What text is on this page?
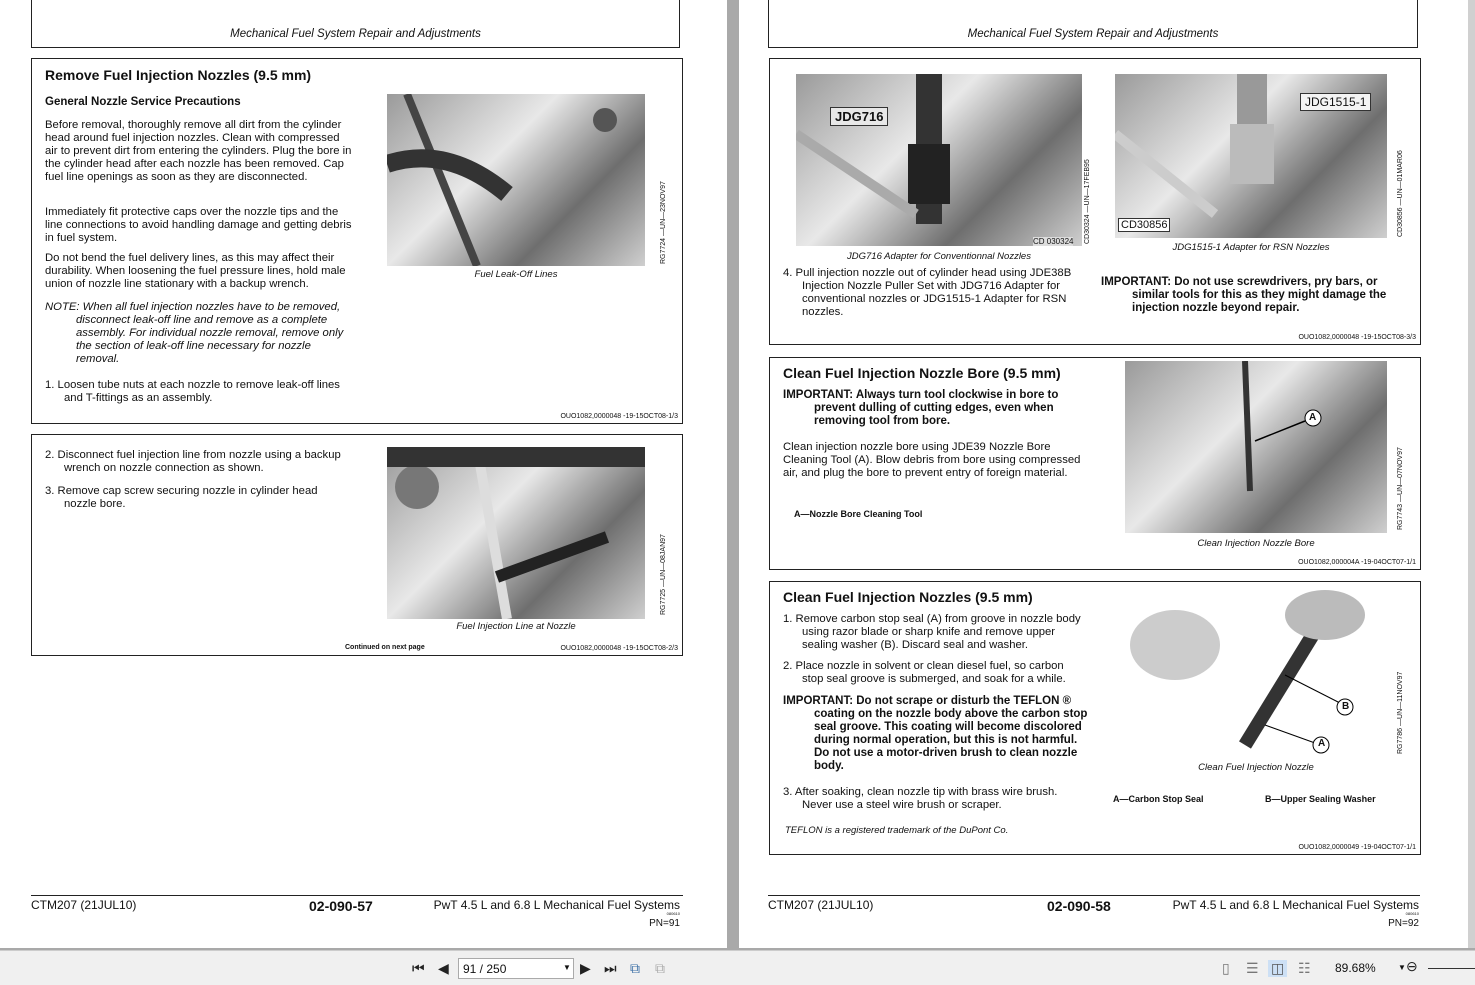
Mechanical Fuel System Repair and Adjustments
Remove Fuel Injection Nozzles (9.5 mm)
General Nozzle Service Precautions
Before removal, thoroughly remove all dirt from the cylinder head around fuel injection nozzles. Clean with compressed air to prevent dirt from entering the cylinders. Plug the bore in the cylinder head after each nozzle has been removed. Cap fuel line openings as soon as they are disconnected.
Immediately fit protective caps over the nozzle tips and the line connections to avoid handling damage and getting debris in fuel system.
Do not bend the fuel delivery lines, as this may affect their durability. When loosening the fuel pressure lines, hold male union of nozzle line stationary with a backup wrench.
NOTE: When all fuel injection nozzles have to be removed, disconnect leak-off line and remove as a complete assembly. For individual nozzle removal, remove only the section of leak-off line necessary for nozzle removal.
1. Loosen tube nuts at each nozzle to remove leak-off lines and T-fittings as an assembly.
Fuel Leak-Off Lines
RG7724 —UN—23NOV97
OUO1082,0000048 -19-15OCT08-1/3
2. Disconnect fuel injection line from nozzle using a backup wrench on nozzle connection as shown.
3. Remove cap screw securing nozzle in cylinder head nozzle bore.
Fuel Injection Line at Nozzle
RG7725 —UN—08JAN97
Continued on next page	OUO1082,0000048 -19-15OCT08-2/3
CTM207 (21JUL10)	02-090-57	PwT 4.5 L and 6.8 L Mechanical Fuel Systems
080610
PN=91
Mechanical Fuel System Repair and Adjustments
JDG716
CD 030324
JDG716 Adapter for Conventionnal Nozzles
CD30324 —UN—17FEB95
JDG1515-1
CD30856
JDG1515-1 Adapter for RSN Nozzles
CD30856 —UN—01MAR06
4. Pull injection nozzle out of cylinder head using JDE38B Injection Nozzle Puller Set with JDG716 Adapter for conventional nozzles or JDG1515-1 Adapter for RSN nozzles.
IMPORTANT: Do not use screwdrivers, pry bars, or similar tools for this as they might damage the injection nozzle beyond repair.
OUO1082,0000048 -19-15OCT08-3/3
Clean Fuel Injection Nozzle Bore (9.5 mm)
IMPORTANT: Always turn tool clockwise in bore to prevent dulling of cutting edges, even when removing tool from bore.
Clean injection nozzle bore using JDE39 Nozzle Bore Cleaning Tool (A). Blow debris from bore using compressed air, and plug the bore to prevent entry of foreign material.
A—Nozzle Bore Cleaning Tool
A
Clean Injection Nozzle Bore
RG7743 —UN—07NOV97
OUO1082,000004A -19-04OCT07-1/1
Clean Fuel Injection Nozzles (9.5 mm)
1. Remove carbon stop seal (A) from groove in nozzle body using razor blade or sharp knife and remove upper sealing washer (B). Discard seal and washer.
2. Place nozzle in solvent or clean diesel fuel, so carbon stop seal groove is submerged, and soak for a while.
IMPORTANT: Do not scrape or disturb the TEFLON ® coating on the nozzle body above the carbon stop seal groove. This coating will become discolored during normal operation, but this is not harmful. Do not use a motor-driven brush to clean nozzle body.
3. After soaking, clean nozzle tip with brass wire brush. Never use a steel wire brush or scraper.
TEFLON is a registered trademark of the DuPont Co.
B
A
Clean Fuel Injection Nozzle
RG7786 —UN—11NOV97
A—Carbon Stop Seal	B—Upper Sealing Washer
OUO1082,0000049 -19-04OCT07-1/1
CTM207 (21JUL10)	02-090-58	PwT 4.5 L and 6.8 L Mechanical Fuel Systems
080610
PN=92
⏮ ◀	91 / 250	▼ ▶ ⏭ ⧉ ⧉	▯ ☰ ◫ ☷ 89.68%	▼ ⊖
